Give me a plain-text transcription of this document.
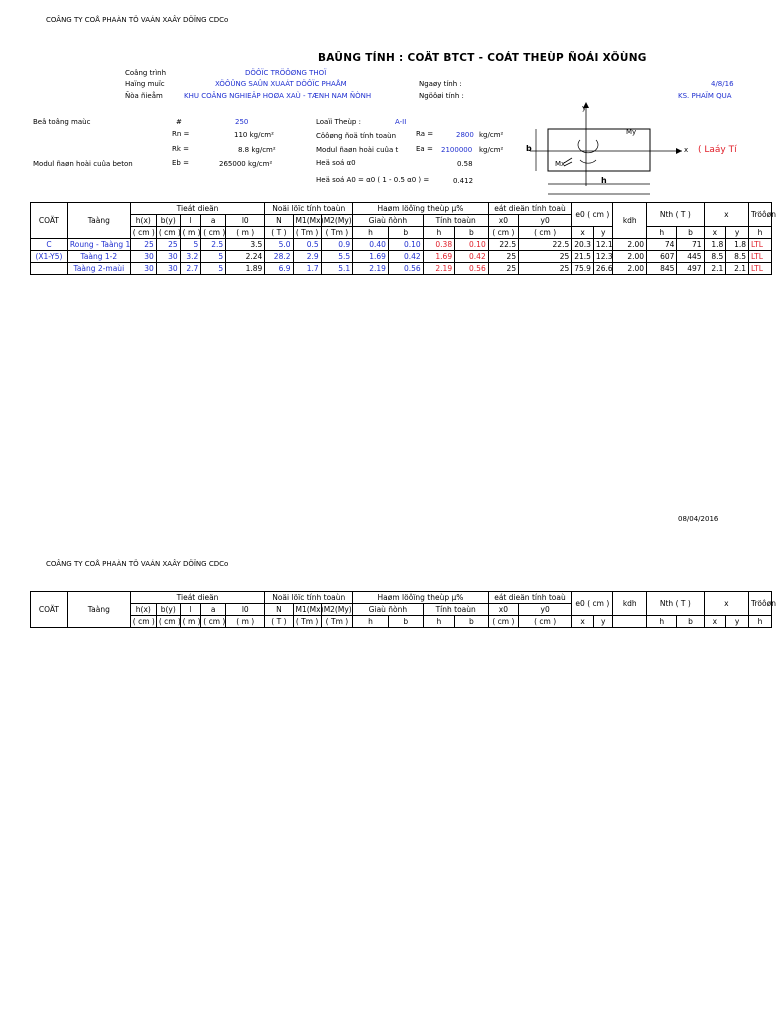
COÂNG TY COÅ PHAÀN TÖ VAÁN XAÂY DÖÏNG CDCo
BAÛNG TÍNH : COÄT BTCT - COÁT THEÙP ÑOÁI XÖÙNG
Coâng trình	DÖÔÏC TRÖÔØNG THOÏ
Haïng muïc	XÖÔÛNG SAÛN XUAÁT DÖÔÏC PHAÅM
Ñòa ñieåm	KHU COÂNG NGHIEÄP HOØA XAÙ - TÆNH NAM ÑÒNH
Ngaøy tính :	4/8/16
Ngöôøi tính :	KS. PHAÏM QUA
Beâ toâng maùc	#	250
Rn =	110 kg/cm²
Rk =	8.8 kg/cm²
Modul ñaøn hoài cuûa beton	Eb =	265000 kg/cm²
Loaïi Theùp :	A-II
Cöôøng ñoä tính toaùn	Ra =	2800 kg/cm²
Modul ñaøn hoài cuûa t	Ea = 2100000 kg/cm²
Heä soá α0	0.58
Heä soá A0 = α0 ( 1 - 0.5 α0 ) =	0.412
y
x
b
h
My
Mx
( Laáy Tí
COÄT	Taàng	Tieát dieän					Noäi löïc tính toaùn			Haøm löôïng theùp μ%				eát dieän tính toaù		e0 ( cm )		kdh	Nth ( T )		x		Tröôøn
		h(x)	b(y)	l	a	l0	N	M1(Mx)	M2(My)	Giaù ñònh		Tính toaùn		x0	y0								
		( cm )	( cm )	( m )	( cm )	( m )	( T )	( Tm )	( Tm )	h	b	h	b	( cm )	( cm )	x	y		h	b	x	y	h
C	Roung - Taàng 1	25	25	5	2.5	3.5	5.0	0.5	0.9	0.40	0.10	0.38	0.10	22.5	22.5	20.3	12.1	2.00	74	71	1.8	1.8	LTL
(X1-Y5)	Taàng 1-2	30	30	3.2	5	2.24	28.2	2.9	5.5	1.69	0.42	1.69	0.42	25	25	21.5	12.3	2.00	607	445	8.5	8.5	LTL
	Taàng 2-maùi	30	30	2.7	5	1.89	6.9	1.7	5.1	2.19	0.56	2.19	0.56	25	25	75.9	26.6	2.00	845	497	2.1	2.1	LTL
08/04/2016
COÂNG TY COÅ PHAÀN TÖ VAÁN XAÂY DÖÏNG CDCo
COÄT	Taàng	Tieát dieän					Noäi löïc tính toaùn			Haøm löôïng theùp μ%				eát dieän tính toaù		e0 ( cm )		kdh	Nth ( T )		x		Tröôøn
		h(x)	b(y)	l	a	l0	N	M1(Mx)	M2(My)	Giaù ñònh		Tính toaùn		x0	y0								
		( cm )	( cm )	( m )	( cm )	( m )	( T )	( Tm )	( Tm )	h	b	h	b	( cm )	( cm )	x	y		h	b	x	y	h
